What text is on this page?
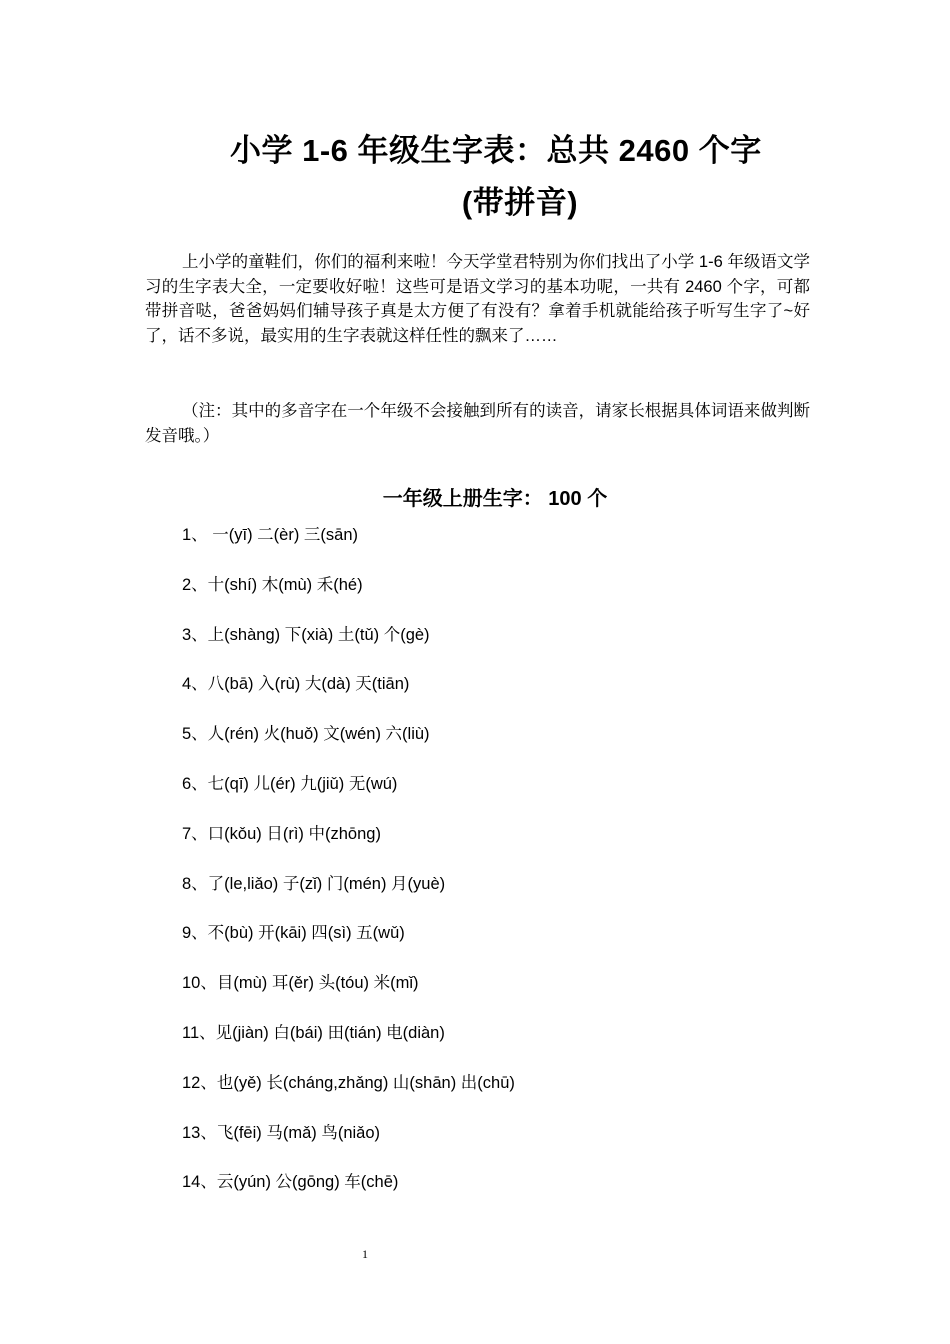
小学 1-6 年级生字表：总共 2460 个字
(带拼音)
上小学的童鞋们，你们的福利来啦！今天学堂君特别为你们找出了小学 1-6 年级语文学习的生字表大全，一定要收好啦！这些可是语文学习的基本功呢，一共有 2460 个字，可都带拼音哒，爸爸妈妈们辅导孩子真是太方便了有没有？拿着手机就能给孩子听写生字了~好了，话不多说，最实用的生字表就这样任性的飘来了……
（注：其中的多音字在一个年级不会接触到所有的读音，请家长根据具体词语来做判断发音哦。）
一年级上册生字： 100 个
1、 一(yī) 二(èr) 三(sān)
2、十(shí) 木(mù) 禾(hé)
3、上(shàng) 下(xià) 土(tǔ) 个(gè)
4、八(bā) 入(rù) 大(dà) 天(tiān)
5、人(rén) 火(huǒ) 文(wén) 六(liù)
6、七(qī) 儿(ér) 九(jiǔ) 无(wú)
7、口(kǒu) 日(rì) 中(zhōng)
8、了(le,liǎo) 子(zǐ) 门(mén) 月(yuè)
9、不(bù) 开(kāi) 四(sì) 五(wǔ)
10、目(mù) 耳(ěr) 头(tóu) 米(mǐ)
11、见(jiàn) 白(bái) 田(tián) 电(diàn)
12、也(yě) 长(cháng,zhǎng) 山(shān) 出(chū)
13、飞(fēi) 马(mǎ) 鸟(niǎo)
14、云(yún) 公(gōng) 车(chē)
1
